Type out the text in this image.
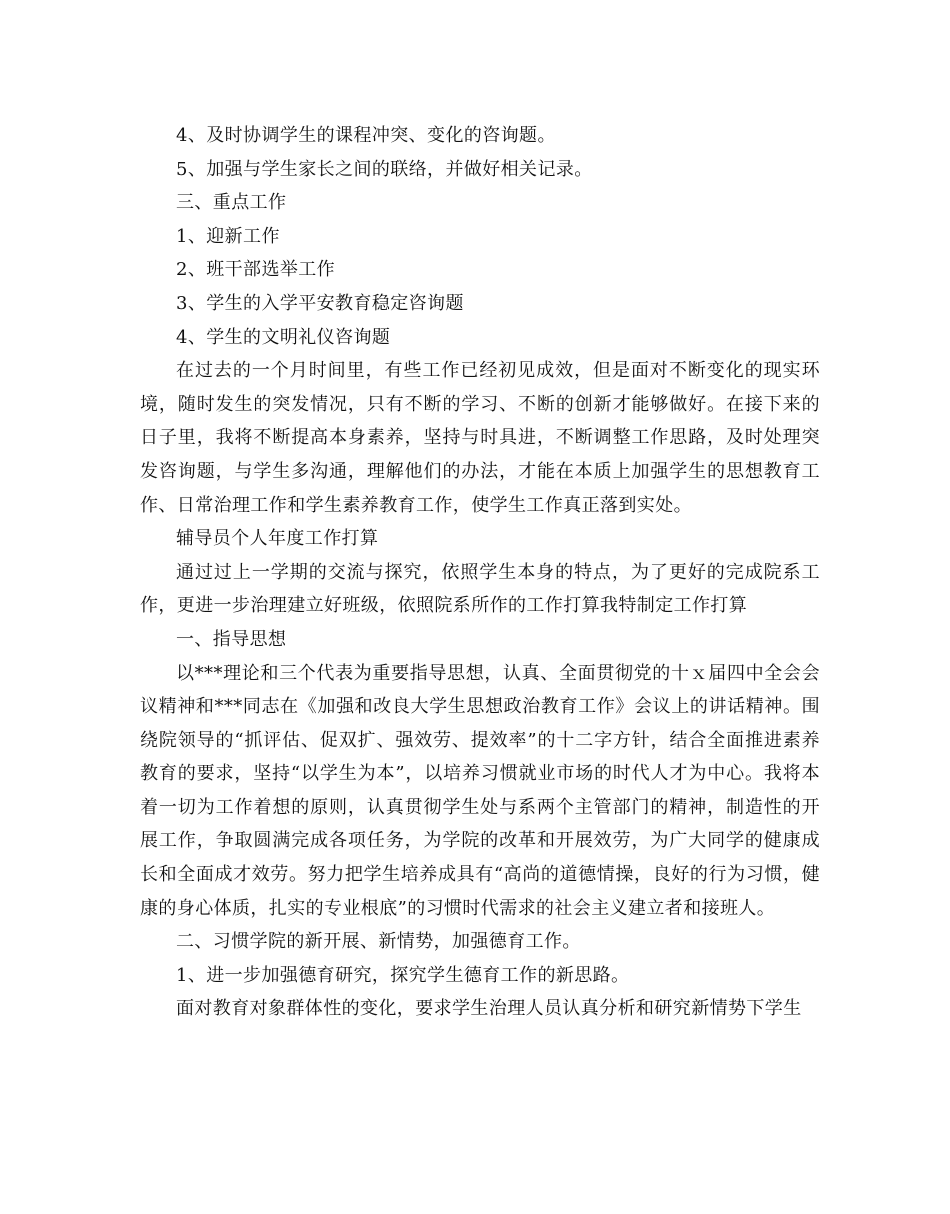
4、及时协调学生的课程冲突、变化的咨询题。

5、加强与学生家长之间的联络，并做好相关记录。

三、重点工作

1、迎新工作

2、班干部选举工作

3、学生的入学平安教育稳定咨询题

4、学生的文明礼仪咨询题

在过去的一个月时间里，有些工作已经初见成效，但是面对不断变化的现实环境，随时发生的突发情况，只有不断的学习、不断的创新才能够做好。在接下来的日子里，我将不断提高本身素养，坚持与时具进，不断调整工作思路，及时处理突发咨询题，与学生多沟通，理解他们的办法，才能在本质上加强学生的思想教育工作、日常治理工作和学生素养教育工作，使学生工作真正落到实处。

辅导员个人年度工作打算

通过过上一学期的交流与探究，依照学生本身的特点，为了更好的完成院系工作，更进一步治理建立好班级，依照院系所作的工作打算我特制定工作打算

一、指导思想

以***理论和三个代表为重要指导思想，认真、全面贯彻党的十ｘ届四中全会会议精神和***同志在《加强和改良大学生思想政治教育工作》会议上的讲话精神。围绕院领导的“抓评估、促双扩、强效劳、提效率”的十二字方针，结合全面推进素养教育的要求，坚持“以学生为本”，以培养习惯就业市场的时代人才为中心。我将本着一切为工作着想的原则，认真贯彻学生处与系两个主管部门的精神，制造性的开展工作，争取圆满完成各项任务，为学院的改革和开展效劳，为广大同学的健康成长和全面成才效劳。努力把学生培养成具有“高尚的道德情操，良好的行为习惯，健康的身心体质，扎实的专业根底”的习惯时代需求的社会主义建立者和接班人。

二、习惯学院的新开展、新情势，加强德育工作。

1、进一步加强德育研究，探究学生德育工作的新思路。

面对教育对象群体性的变化，要求学生治理人员认真分析和研究新情势下学生
